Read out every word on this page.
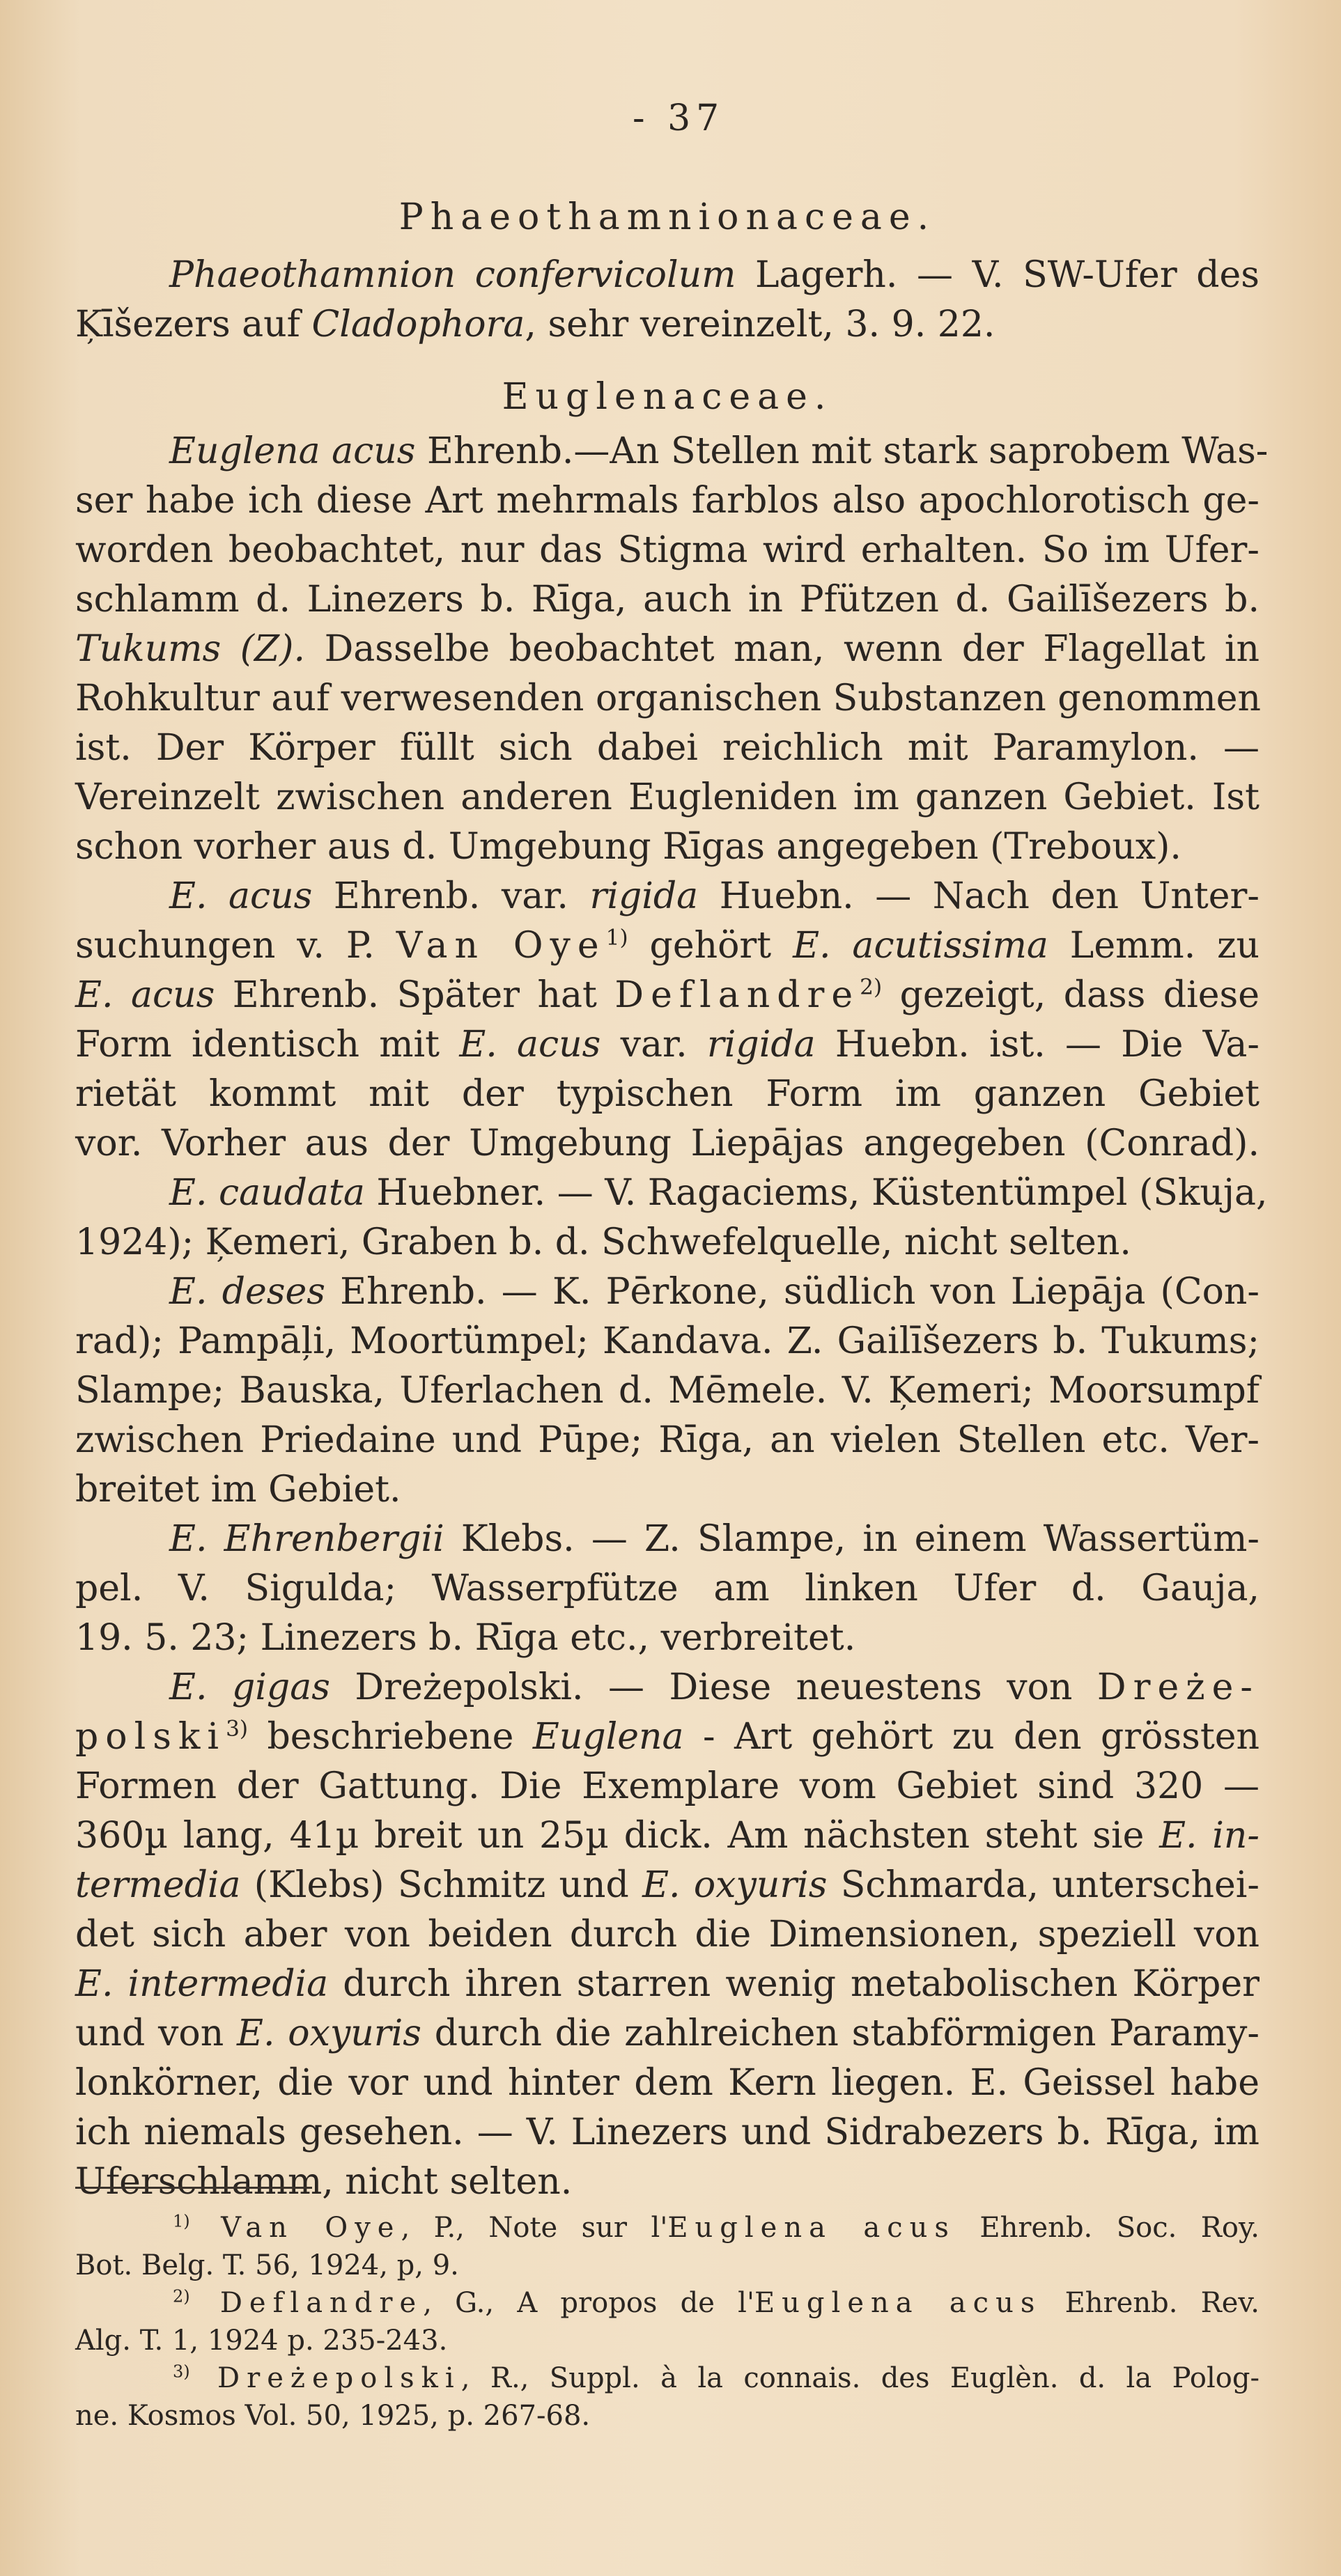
- 37
Phaeothamnionaceae.
Phaeothamnion confervicolum Lagerh. — V. SW-Ufer des
Ķīšezers auf Cladophora, sehr vereinzelt, 3. 9. 22.
Euglenaceae.
Euglena acus Ehrenb.—An Stellen mit stark saprobem Was-
ser habe ich diese Art mehrmals farblos also apochlorotisch ge-
worden beobachtet, nur das Stigma wird erhalten. So im Ufer-
schlamm d. Linezers b. Rīga, auch in Pfützen d. Gailīšezers b.
Tukums (Z). Dasselbe beobachtet man, wenn der Flagellat in
Rohkultur auf verwesenden organischen Substanzen genommen
ist. Der Körper füllt sich dabei reichlich mit Paramylon. —
Vereinzelt zwischen anderen Eugleniden im ganzen Gebiet. Ist
schon vorher aus d. Umgebung Rīgas angegeben (Treboux).
E. acus Ehrenb. var. rigida Huebn. — Nach den Unter-
suchungen v. P. Van Oye$^{1)}$ gehört E. acutissima Lemm. zu
E. acus Ehrenb. Später hat Deflandre$^{2)}$ gezeigt, dass diese
Form identisch mit E. acus var. rigida Huebn. ist. — Die Va-
rietät kommt mit der typischen Form im ganzen Gebiet
vor. Vorher aus der Umgebung Liepājas angegeben (Conrad).
E. caudata Huebner. — V. Ragaciems, Küstentümpel (Skuja,
1924); Ķemeri, Graben b. d. Schwefelquelle, nicht selten.
E. deses Ehrenb. — K. Pērkone, südlich von Liepāja (Con-
rad); Pampāļi, Moortümpel; Kandava. Z. Gailīšezers b. Tukums;
Slampe; Bauska, Uferlachen d. Mēmele. V. Ķemeri; Moorsumpf
zwischen Priedaine und Pūpe; Rīga, an vielen Stellen etc. Ver-
breitet im Gebiet.
E. Ehrenbergii Klebs. — Z. Slampe, in einem Wassertüm-
pel. V. Sigulda; Wasserpfütze am linken Ufer d. Gauja,
19. 5. 23; Linezers b. Rīga etc., verbreitet.
E. gigas Dreżepolski. — Diese neuestens von Dreże-
polski$^{3)}$ beschriebene Euglena - Art gehört zu den grössten
Formen der Gattung. Die Exemplare vom Gebiet sind 320 —
360µ lang, 41µ breit un 25µ dick. Am nächsten steht sie E. in-
termedia (Klebs) Schmitz und E. oxyuris Schmarda, unterschei-
det sich aber von beiden durch die Dimensionen, speziell von
E. intermedia durch ihren starren wenig metabolischen Körper
und von E. oxyuris durch die zahlreichen stabförmigen Paramy-
lonkörner, die vor und hinter dem Kern liegen. E. Geissel habe
ich niemals gesehen. — V. Linezers und Sidrabezers b. Rīga, im
Uferschlamm, nicht selten.
$^{1)}$ Van Oye, P., Note sur l'Euglena acus Ehrenb. Soc. Roy.
Bot. Belg. T. 56, 1924, p, 9.
$^{2)}$ Deflandre, G., A propos de l'Euglena acus Ehrenb. Rev.
Alg. T. 1, 1924 p. 235-243.
$^{3)}$ Dreżepolski, R., Suppl. à la connais. des Euglèn. d. la Polog-
ne. Kosmos Vol. 50, 1925, p. 267-68.
